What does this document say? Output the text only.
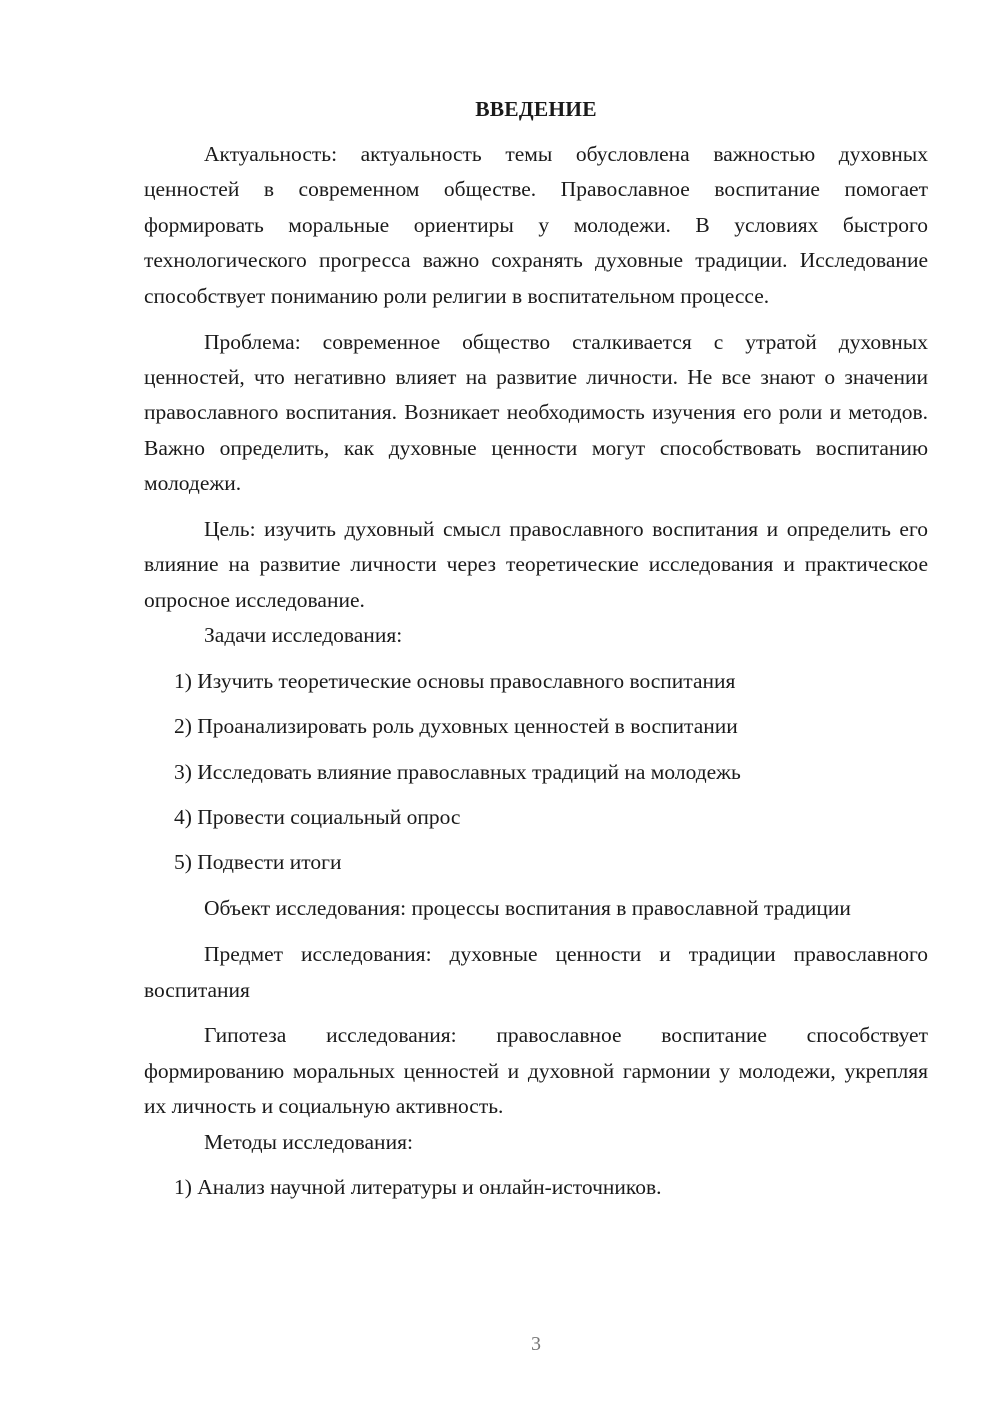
ВВЕДЕНИЕ

Актуальность: актуальность темы обусловлена важностью духовных ценностей в современном обществе. Православное воспитание помогает формировать моральные ориентиры у молодежи. В условиях быстрого технологического прогресса важно сохранять духовные традиции. Исследование способствует пониманию роли религии в воспитательном процессе.

Проблема: современное общество сталкивается с утратой духовных ценностей, что негативно влияет на развитие личности. Не все знают о значении православного воспитания. Возникает необходимость изучения его роли и методов. Важно определить, как духовные ценности могут способствовать воспитанию молодежи.

Цель: изучить духовный смысл православного воспитания и определить его влияние на развитие личности через теоретические исследования и практическое опросное исследование.

Задачи исследования:

1) Изучить теоретические основы православного воспитания

2) Проанализировать роль духовных ценностей в воспитании

3) Исследовать влияние православных традиций на молодежь

4) Провести социальный опрос

5) Подвести итоги

Объект исследования: процессы воспитания в православной традиции

Предмет исследования: духовные ценности и традиции православного воспитания

Гипотеза исследования: православное воспитание способствует формированию моральных ценностей и духовной гармонии у молодежи, укрепляя их личность и социальную активность.

Методы исследования:

1) Анализ научной литературы и онлайн-источников.

3
